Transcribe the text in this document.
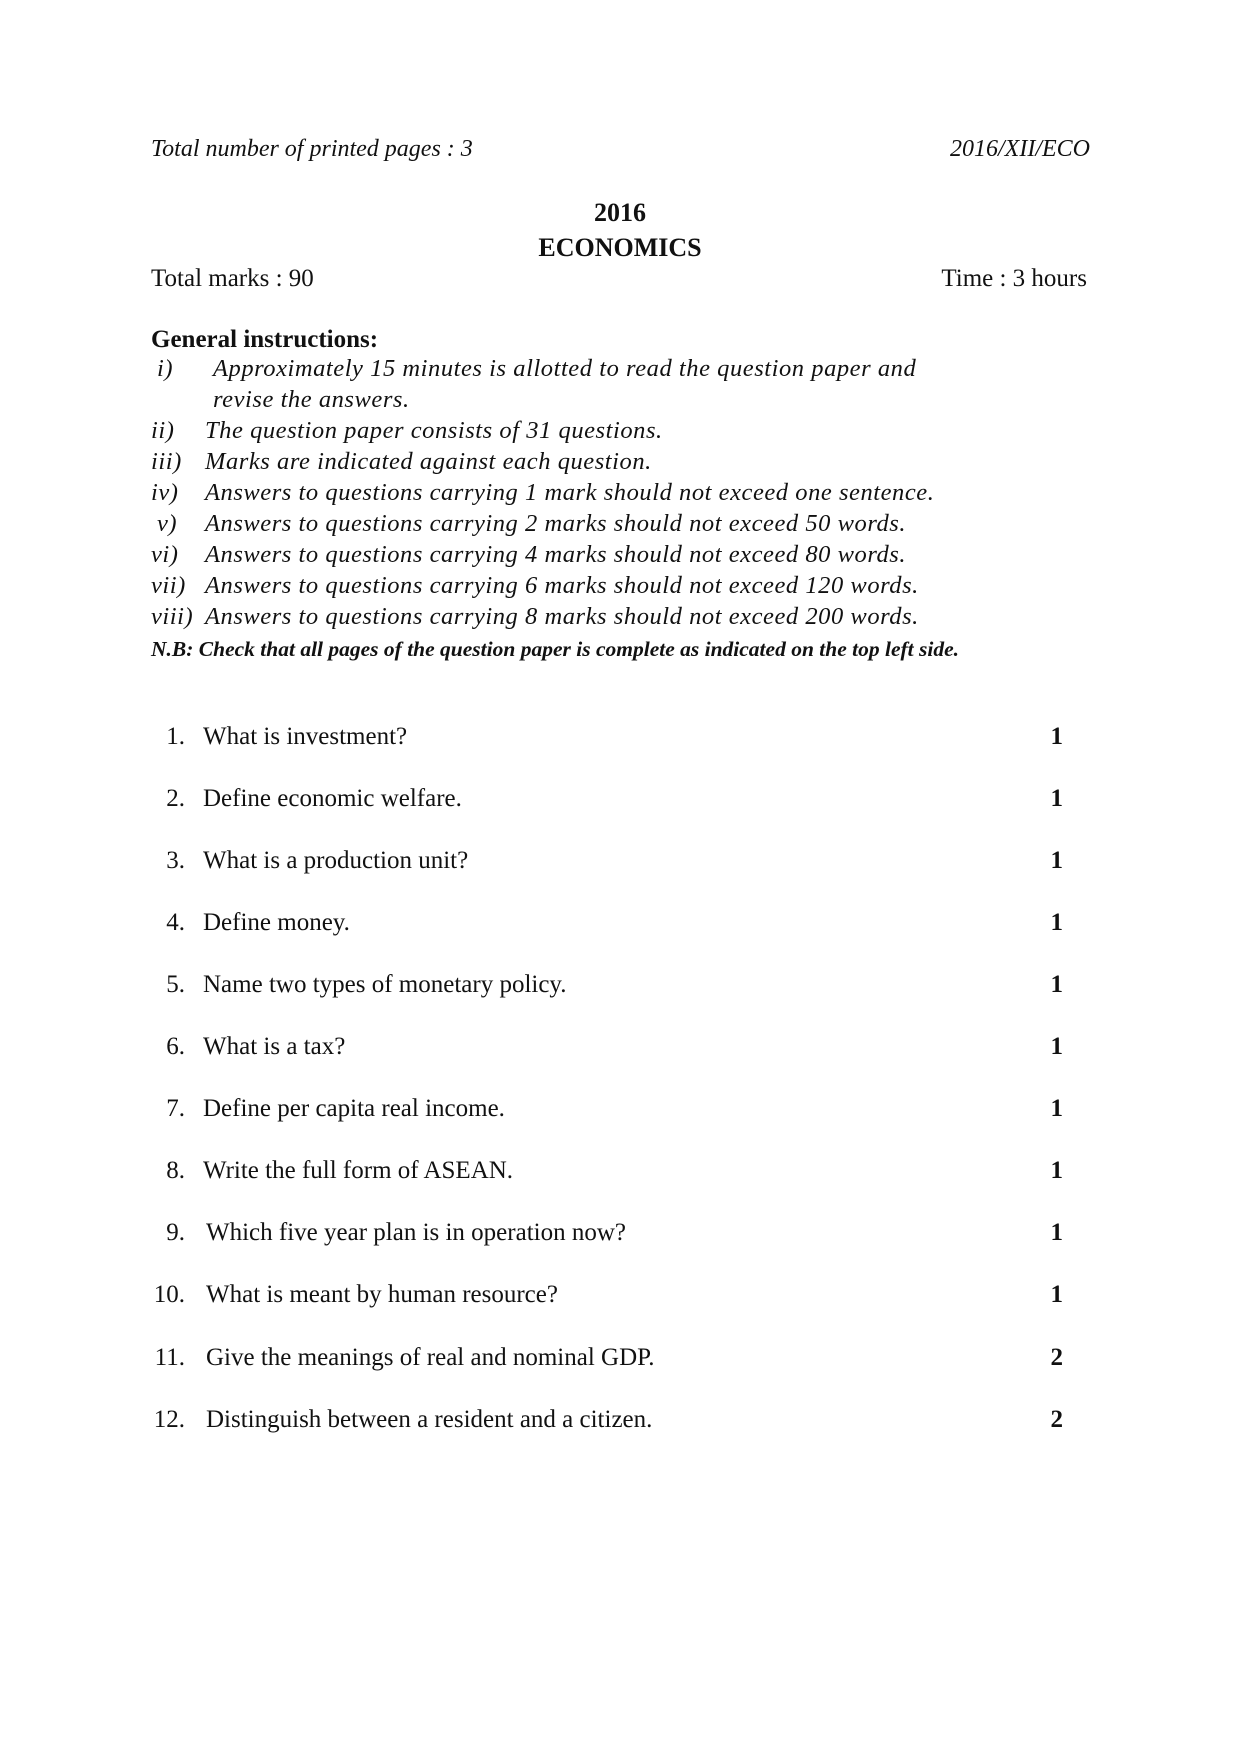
Total number of printed pages : 3	2016/XII/ECO
2016
ECONOMICS
Total marks : 90	Time : 3 hours
General instructions:
i) Approximately 15 minutes is allotted to read the question paper and
revise the answers.
ii) The question paper consists of 31 questions.
iii) Marks are indicated against each question.
iv) Answers to questions carrying 1 mark should not exceed one sentence.
v) Answers to questions carrying 2 marks should not exceed 50 words.
vi) Answers to questions carrying 4 marks should not exceed 80 words.
vii) Answers to questions carrying 6 marks should not exceed 120 words.
viii) Answers to questions carrying 8 marks should not exceed 200 words.
N.B: Check that all pages of the question paper is complete as indicated on the top left side.
1. What is investment?	1
2. Define economic welfare.	1
3. What is a production unit?	1
4. Define money.	1
5. Name two types of monetary policy.	1
6. What is a tax?	1
7. Define per capita real income.	1
8. Write the full form of ASEAN.	1
9. Which five year plan is in operation now?	1
10. What is meant by human resource?	1
11. Give the meanings of real and nominal GDP.	2
12. Distinguish between a resident and a citizen.	2
